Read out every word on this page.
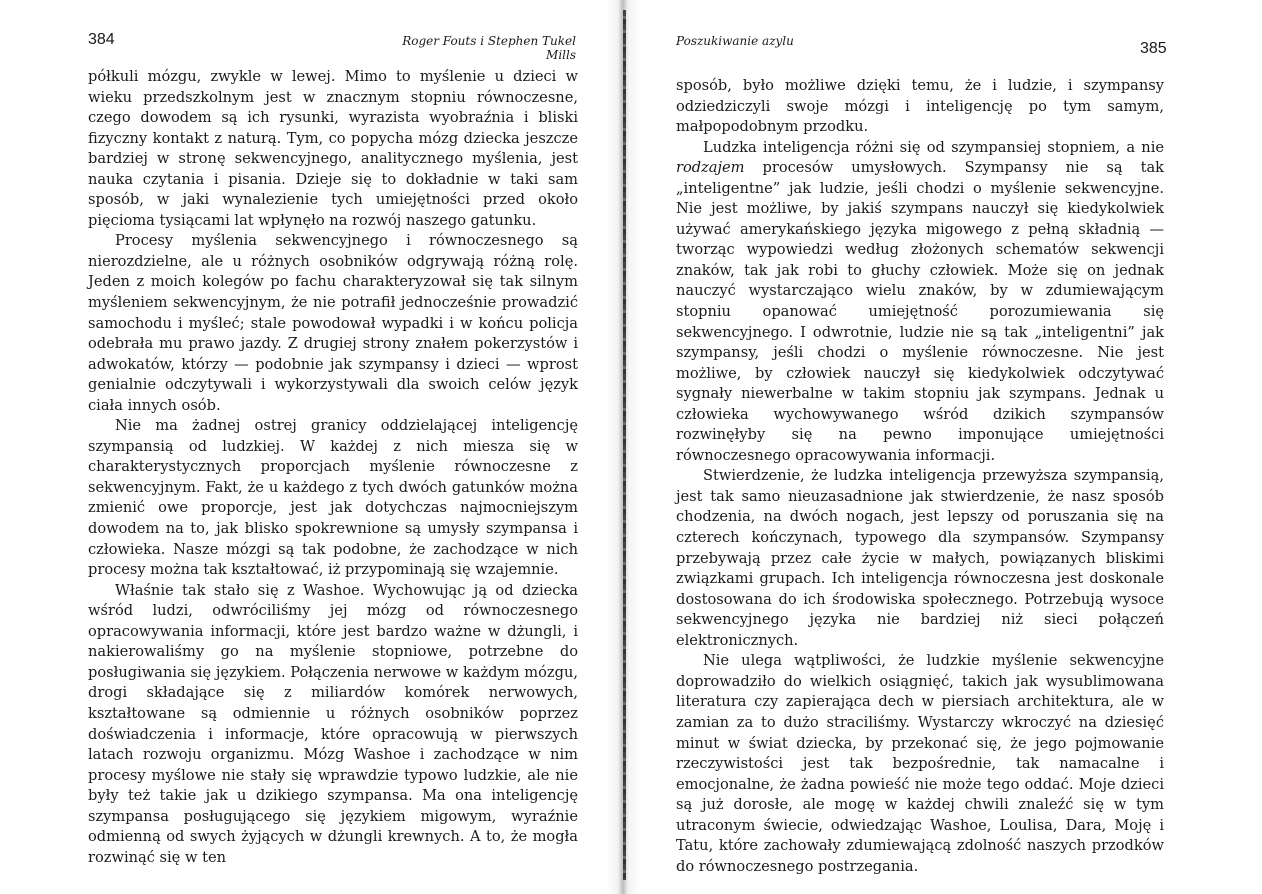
384	Roger Fouts i Stephen Tukel Mills

półkuli mózgu, zwykle w lewej. Mimo to myślenie u dzieci w wieku przedszkolnym jest w znacznym stopniu równoczesne, czego dowodem są ich rysunki, wyrazista wyobraźnia i bliski fizyczny kontakt z naturą. Tym, co popycha mózg dziecka jeszcze bardziej w stronę sekwencyjnego, analitycznego myślenia, jest nauka czytania i pisania. Dzieje się to dokładnie w taki sam sposób, w jaki wynalezienie tych umiejętności przed około pięcioma tysiącami lat wpłynęło na rozwój naszego gatunku.

Procesy myślenia sekwencyjnego i równoczesnego są nierozdzielne, ale u różnych osobników odgrywają różną rolę. Jeden z moich kolegów po fachu charakteryzował się tak silnym myśleniem sekwencyjnym, że nie potrafił jednocześnie prowadzić samochodu i myśleć; stale powodował wypadki i w końcu policja odebrała mu prawo jazdy. Z drugiej strony znałem pokerzystów i adwokatów, którzy — podobnie jak szympansy i dzieci — wprost genialnie odczytywali i wykorzystywali dla swoich celów język ciała innych osób.

Nie ma żadnej ostrej granicy oddzielającej inteligencję szympansią od ludzkiej. W każdej z nich miesza się w charakterystycznych proporcjach myślenie równoczesne z sekwencyjnym. Fakt, że u każdego z tych dwóch gatunków można zmienić owe proporcje, jest jak dotychczas najmocniejszym dowodem na to, jak blisko spokrewnione są umysły szympansa i człowieka. Nasze mózgi są tak podobne, że zachodzące w nich procesy można tak kształtować, iż przypominają się wzajemnie.

Właśnie tak stało się z Washoe. Wychowując ją od dziecka wśród ludzi, odwróciliśmy jej mózg od równoczesnego opracowywania informacji, które jest bardzo ważne w dżungli, i nakierowaliśmy go na myślenie stopniowe, potrzebne do posługiwania się językiem. Połączenia nerwowe w każdym mózgu, drogi składające się z miliardów komórek nerwowych, kształtowane są odmiennie u różnych osobników poprzez doświadczenia i informacje, które opracowują w pierwszych latach rozwoju organizmu. Mózg Washoe i zachodzące w nim procesy myślowe nie stały się wprawdzie typowo ludzkie, ale nie były też takie jak u dzikiego szympansa. Ma ona inteligencję szympansa posługującego się językiem migowym, wyraźnie odmienną od swych żyjących w dżungli krewnych. A to, że mogła rozwinąć się w ten

Poszukiwanie azylu	385

sposób, było możliwe dzięki temu, że i ludzie, i szympansy odziedziczyli swoje mózgi i inteligencję po tym samym, małpopodobnym przodku.

Ludzka inteligencja różni się od szympansiej stopniem, a nie rodzajem procesów umysłowych. Szympansy nie są tak „inteligentne” jak ludzie, jeśli chodzi o myślenie sekwencyjne. Nie jest możliwe, by jakiś szympans nauczył się kiedykolwiek używać amerykańskiego języka migowego z pełną składnią — tworząc wypowiedzi według złożonych schematów sekwencji znaków, tak jak robi to głuchy człowiek. Może się on jednak nauczyć wystarczająco wielu znaków, by w zdumiewającym stopniu opanować umiejętność porozumiewania się sekwencyjnego. I odwrotnie, ludzie nie są tak „inteligentni” jak szympansy, jeśli chodzi o myślenie równoczesne. Nie jest możliwe, by człowiek nauczył się kiedykolwiek odczytywać sygnały niewerbalne w takim stopniu jak szympans. Jednak u człowieka wychowywanego wśród dzikich szympansów rozwinęłyby się na pewno imponujące umiejętności równoczesnego opracowywania informacji.

Stwierdzenie, że ludzka inteligencja przewyższa szympansią, jest tak samo nieuzasadnione jak stwierdzenie, że nasz sposób chodzenia, na dwóch nogach, jest lepszy od poruszania się na czterech kończynach, typowego dla szympansów. Szympansy przebywają przez całe życie w małych, powiązanych bliskimi związkami grupach. Ich inteligencja równoczesna jest doskonale dostosowana do ich środowiska społecznego. Potrzebują wysoce sekwencyjnego języka nie bardziej niż sieci połączeń elektronicznych.

Nie ulega wątpliwości, że ludzkie myślenie sekwencyjne doprowadziło do wielkich osiągnięć, takich jak wysublimowana literatura czy zapierająca dech w piersiach architektura, ale w zamian za to dużo straciliśmy. Wystarczy wkroczyć na dziesięć minut w świat dziecka, by przekonać się, że jego pojmowanie rzeczywistości jest tak bezpośrednie, tak namacalne i emocjonalne, że żadna powieść nie może tego oddać. Moje dzieci są już dorosłe, ale mogę w każdej chwili znaleźć się w tym utraconym świecie, odwiedzając Washoe, Loulisa, Dara, Moję i Tatu, które zachowały zdumiewającą zdolność naszych przodków do równoczesnego postrzegania.
